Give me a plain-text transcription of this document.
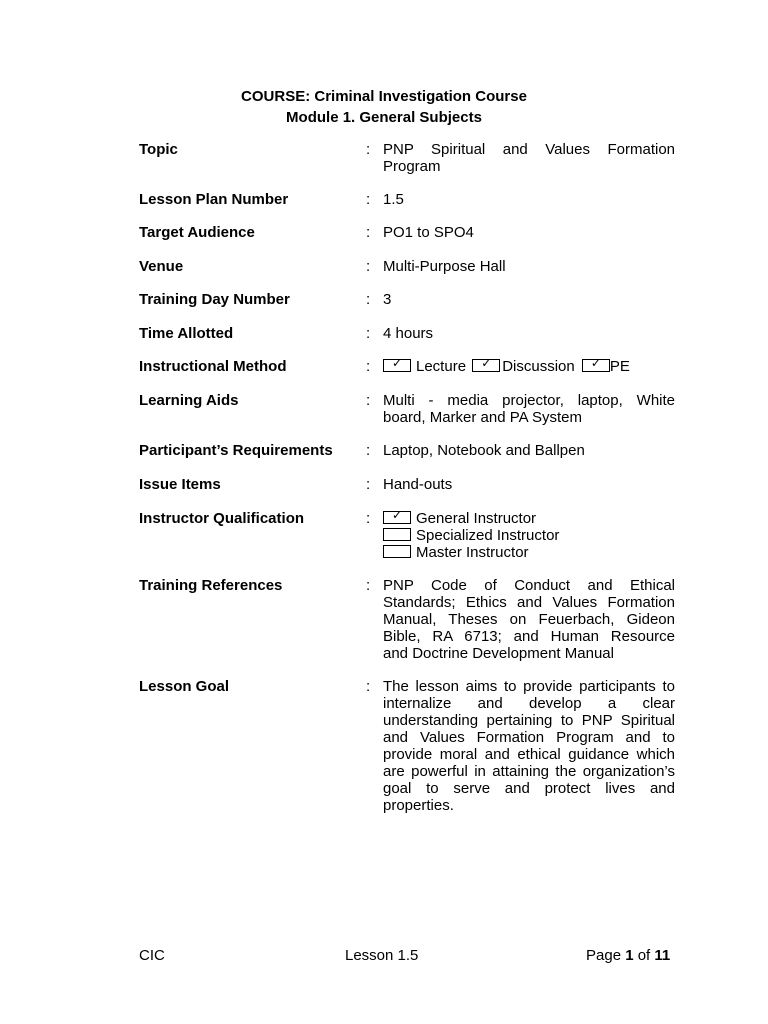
COURSE: Criminal Investigation Course
Module 1. General Subjects
Topic	: PNP Spiritual and Values Formation
Program
Lesson Plan Number	: 1.5
Target Audience	: PO1 to SPO4
Venue	: Multi-Purpose Hall
Training Day Number	: 3
Time Allotted	: 4 hours
Instructional Method	: ✓ Lecture ✓ Discussion ✓ PE
Learning Aids	: Multi - media projector, laptop, White
board, Marker and PA System
Participant’s Requirements : Laptop, Notebook and Ballpen
Issue Items	: Hand-outs
Instructor Qualification	: ✓ General Instructor
Specialized Instructor
Master Instructor
Training References	: PNP Code of Conduct and Ethical
Standards; Ethics and Values Formation
Manual, Theses on Feuerbach, Gideon
Bible, RA 6713; and Human Resource
and Doctrine Development Manual
Lesson Goal	: The lesson aims to provide participants to
internalize and develop a clear
understanding pertaining to PNP Spiritual
and Values Formation Program and to
provide moral and ethical guidance which
are powerful in attaining the organization’s
goal to serve and protect lives and
properties.
CIC	Lesson 1.5	Page 1 of 11
